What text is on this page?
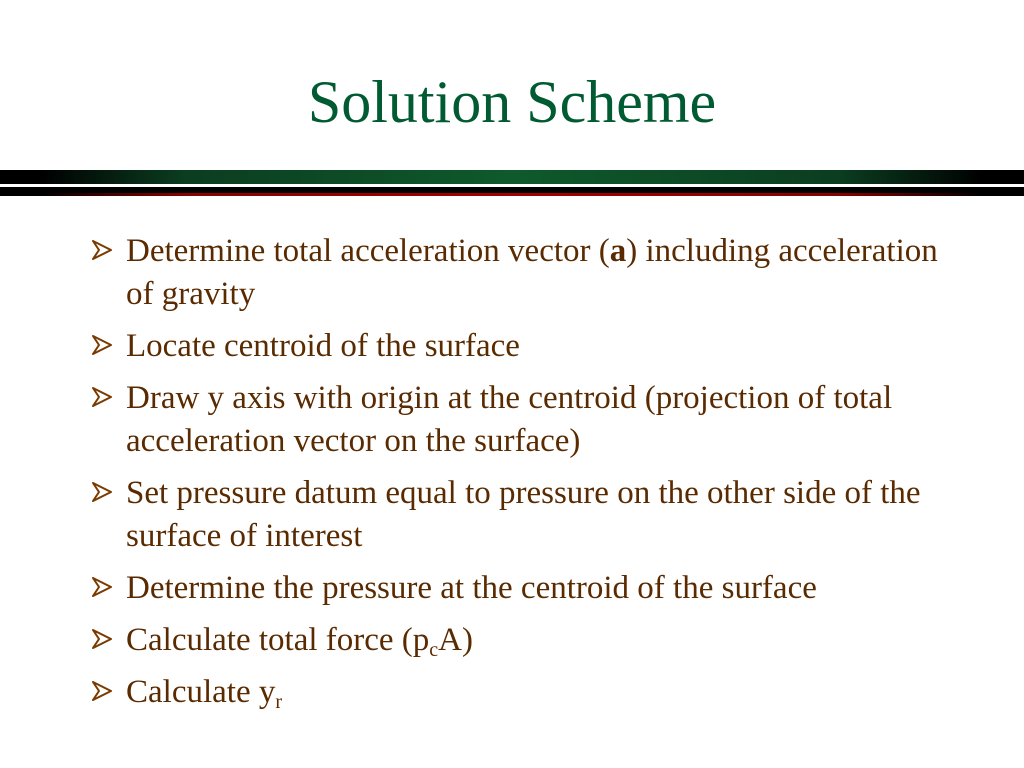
Solution Scheme
Determine total acceleration vector (a) including acceleration of gravity
Locate centroid of the surface
Draw y axis with origin at the centroid (projection of total acceleration vector on the surface)
Set pressure datum equal to pressure on the other side of the surface of interest
Determine the pressure at the centroid of the surface
Calculate total force $(p_cA)$
Calculate $y_r$
